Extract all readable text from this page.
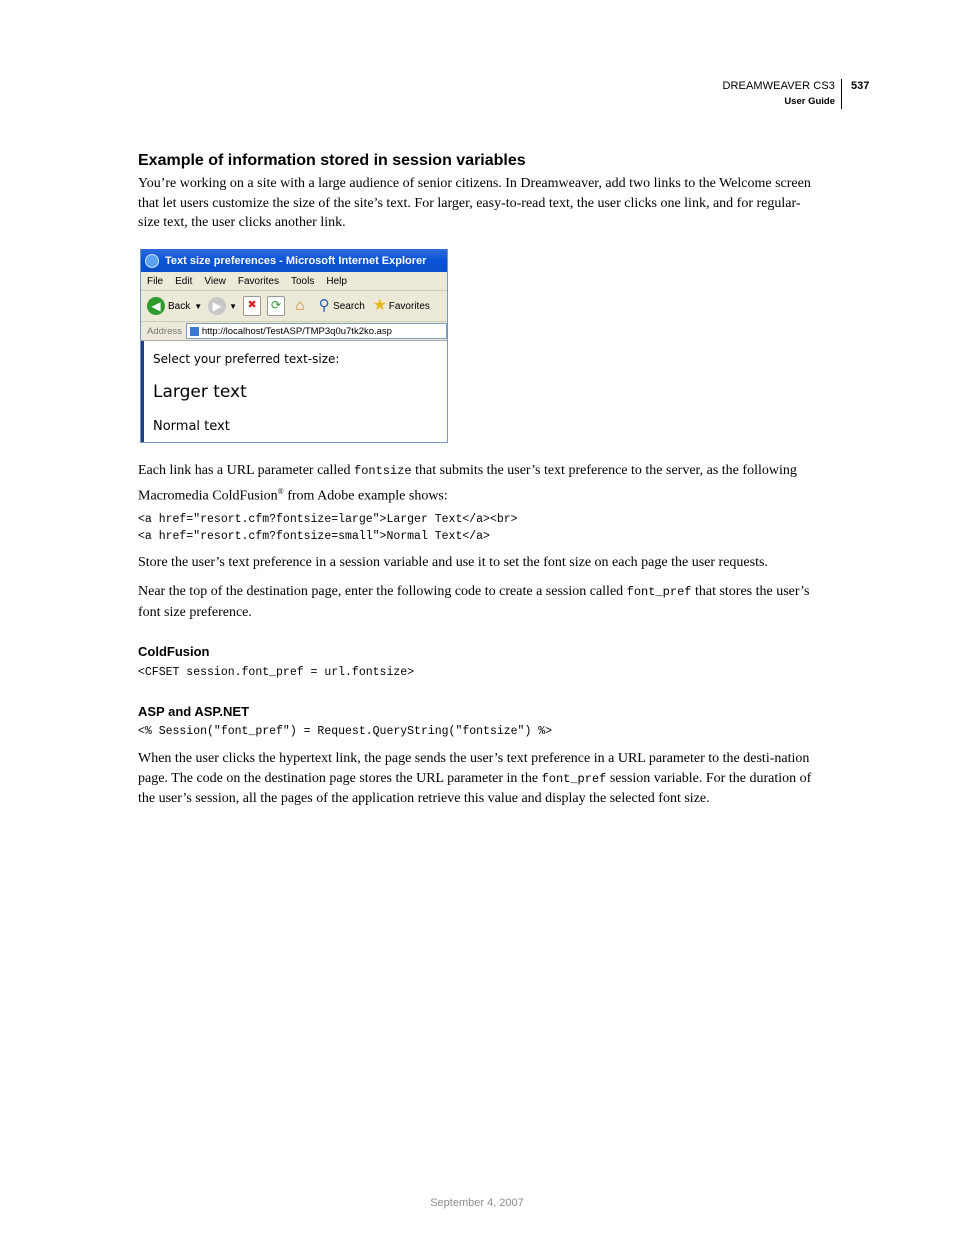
DREAMWEAVER CS3
User Guide
537
Example of information stored in session variables

You’re working on a site with a large audience of senior citizens. In Dreamweaver, add two links to the Welcome screen that let users customize the size of the site’s text. For larger, easy-to-read text, the user clicks one link, and for regular-size text, the user clicks another link.

Text size preferences - Microsoft Internet Explorer
File Edit View Favorites Tools Help
◀ Back ▼ ▶ ▼ ✖	⟳ ⌂ ⚲ Search ★ Favorites
Address	http://localhost/TestASP/TMP3q0u7tk2ko.asp
Select your preferred text-size:
Larger text
Normal text

Each link has a URL parameter called fontsize that submits the user’s text preference to the server, as the following Macromedia ColdFusion® from Adobe example shows:

<a href="resort.cfm?fontsize=large">Larger Text</a><br>
<a href="resort.cfm?fontsize=small">Normal Text</a>

Store the user’s text preference in a session variable and use it to set the font size on each page the user requests.

Near the top of the destination page, enter the following code to create a session called font_pref that stores the user’s font size preference.

ColdFusion
<CFSET session.font_pref = url.fontsize>
ASP and ASP.NET
<% Session("font_pref") = Request.QueryString("fontsize") %>

When the user clicks the hypertext link, the page sends the user’s text preference in a URL parameter to the desti-nation page. The code on the destination page stores the URL parameter in the font_pref session variable. For the duration of the user’s session, all the pages of the application retrieve this value and display the selected font size.

September 4, 2007
